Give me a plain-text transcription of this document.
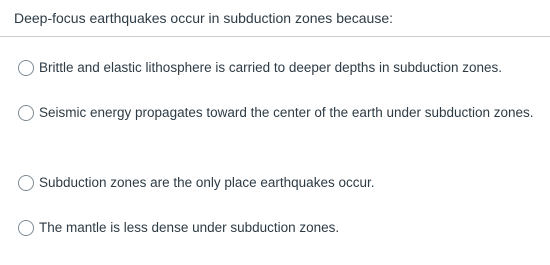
Deep-focus earthquakes occur in subduction zones because:
Brittle and elastic lithosphere is carried to deeper depths in subduction zones.
Seismic energy propagates toward the center of the earth under subduction zones.
Subduction zones are the only place earthquakes occur.
The mantle is less dense under subduction zones.
